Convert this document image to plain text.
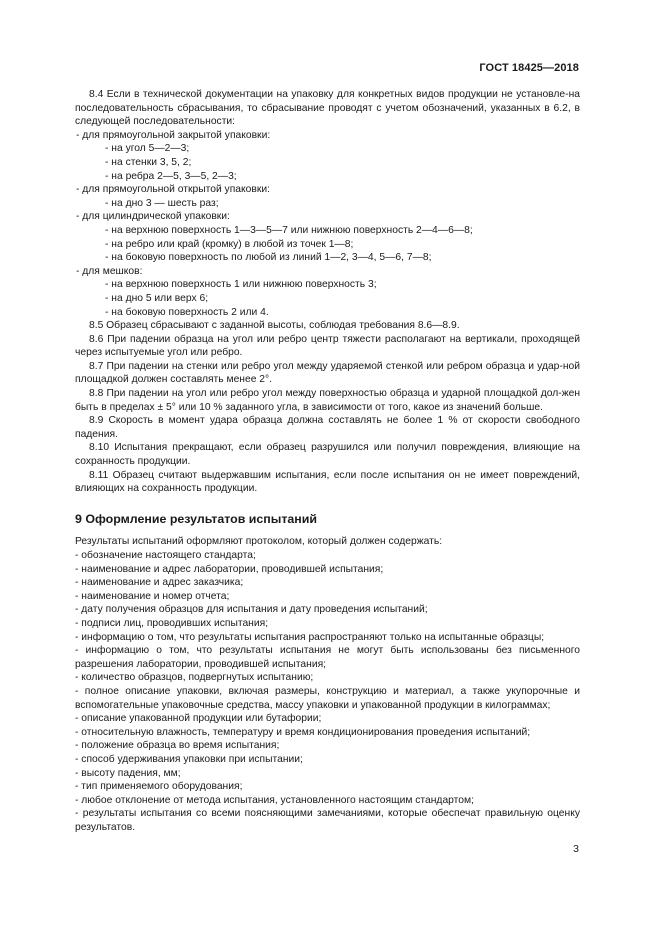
ГОСТ 18425—2018

8.4 Если в технической документации на упаковку для конкретных видов продукции не установле-на последовательность сбрасывания, то сбрасывание проводят с учетом обозначений, указанных в 6.2, в следующей последовательности:

- для прямоугольной закрытой упаковки:
- на угол 5—2—3;
- на стенки 3, 5, 2;
- на ребра 2—5, 3—5, 2—3;
- для прямоугольной открытой упаковки:
- на дно 3 — шесть раз;
- для цилиндрической упаковки:
- на верхнюю поверхность 1—3—5—7 или нижнюю поверхность 2—4—6—8;
- на ребро или край (кромку) в любой из точек 1—8;
- на боковую поверхность по любой из линий 1—2, 3—4, 5—6, 7—8;
- для мешков:
- на верхнюю поверхность 1 или нижнюю поверхность 3;
- на дно 5 или верх 6;
- на боковую поверхность 2 или 4.

8.5 Образец сбрасывают с заданной высоты, соблюдая требования 8.6—8.9.

8.6 При падении образца на угол или ребро центр тяжести располагают на вертикали, проходящей через испытуемые угол или ребро.

8.7 При падении на стенки или ребро угол между ударяемой стенкой или ребром образца и удар-ной площадкой должен составлять менее 2°.

8.8 При падении на угол или ребро угол между поверхностью образца и ударной площадкой дол-жен быть в пределах ± 5° или 10 % заданного угла, в зависимости от того, какое из значений больше.

8.9 Скорость в момент удара образца должна составлять не более 1 % от скорости свободного падения.

8.10 Испытания прекращают, если образец разрушился или получил повреждения, влияющие на сохранность продукции.

8.11 Образец считают выдержавшим испытания, если после испытания он не имеет повреждений, влияющих на сохранность продукции.

9 Оформление результатов испытаний

Результаты испытаний оформляют протоколом, который должен содержать:

- обозначение настоящего стандарта;

- наименование и адрес лаборатории, проводившей испытания;

- наименование и адрес заказчика;

- наименование и номер отчета;

- дату получения образцов для испытания и дату проведения испытаний;

- подписи лиц, проводивших испытания;

- информацию о том, что результаты испытания распространяют только на испытанные образцы;

- информацию о том, что результаты испытания не могут быть использованы без письменного разрешения лаборатории, проводившей испытания;

- количество образцов, подвергнутых испытанию;

- полное описание упаковки, включая размеры, конструкцию и материал, а также укупорочные и вспомогательные упаковочные средства, массу упаковки и упакованной продукции в килограммах;

- описание упакованной продукции или бутафории;

- относительную влажность, температуру и время кондиционирования проведения испытаний;

- положение образца во время испытания;

- способ удерживания упаковки при испытании;

- высоту падения, мм;

- тип применяемого оборудования;

- любое отклонение от метода испытания, установленного настоящим стандартом;

- результаты испытания со всеми поясняющими замечаниями, которые обеспечат правильную оценку результатов.

3
